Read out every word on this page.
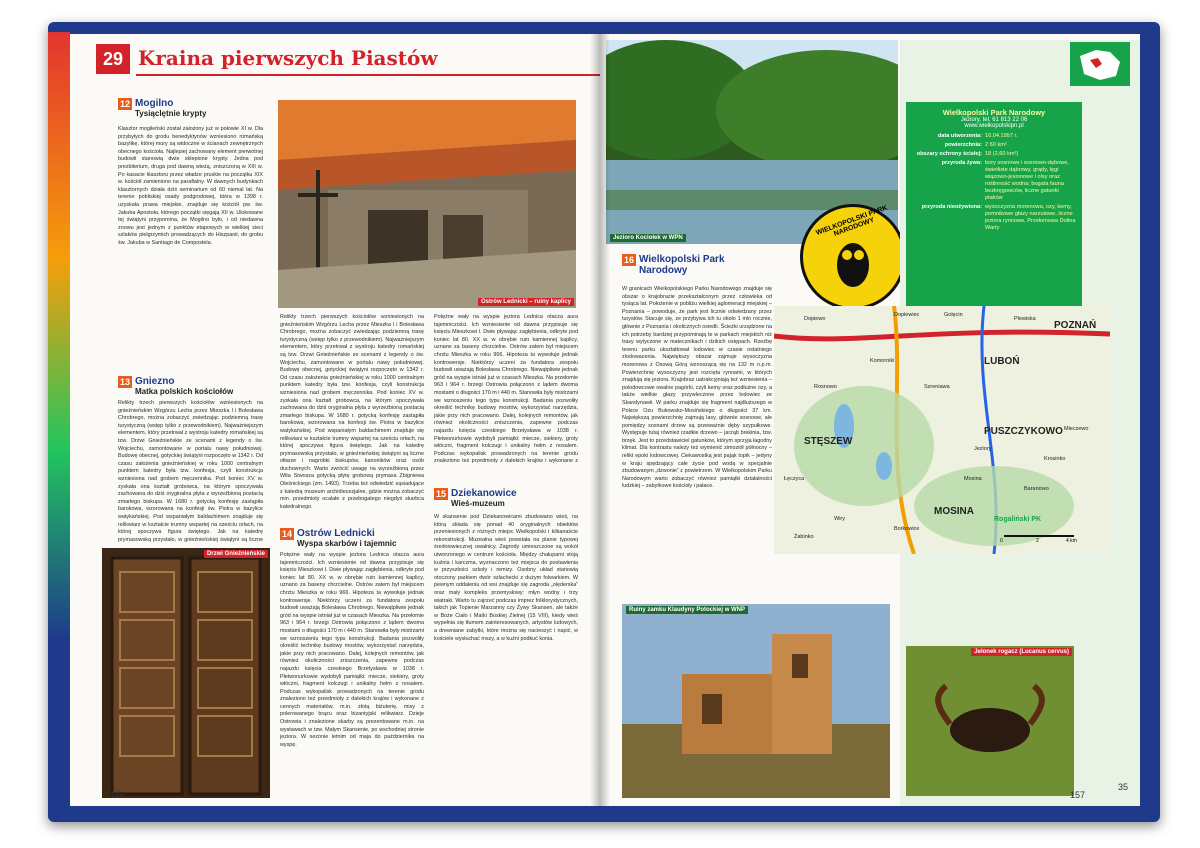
29 Kraina pierwszych Piastów
12 Mogilno
Tysiąclętnie krypty

Klasztor mogileński został założony już w połowie XI w. Dla przybyłych do grodu benedyktynów wzniesiono romańską bazylikę, której mury są widoczne w ścianach zewnętrznych obecnego kościoła. Najlepiej zachowany element pierwotnej budowli stanowią dwie sklepione krypty. Jedna pod prezbiterium, druga pod dawną wieżą, zniszczoną w XIII w. Po kasacie klasztoru przez władze pruskie na początku XIX w. kościół zamieniono na parafialny. W dawnych budynkach klasztornych działa dziś seminarium od 60 niemal lat. Na terenie pobliskiej osady podgrodowej, która w 1398 r. uzyskała prawa miejskie, znajduje się kościół pw. św. Jakuba Apostoła, którego początki sięgają XII w. Ulokowane tej świątyni przypomina, że Mogilno było, i od niedawna znowu jest jednym z punktów etapowych w wielkiej sieci szlaków pielgrzymich prowadzących do Hiszpanii, do grobu św. Jakuba w Santiago de Compostela.

13 Gniezno
Matka polskich kościołów

Relikty trzech pierwszych kościołów wzniesionych na gnieźnieńskim Wzgórzu Lecha przez Mieszka I i Bolesława Chrobrego, można zobaczyć zwiedzając podziemną trasę turystyczną (wstęp tylko z przewodnikiem). Najważniejszym elementem, który przetrwał z wystroju katedry romańskiej są tzw. Drzwi Gnieźnieńskie ze scenami z legendy o św. Wojciechu, zamontowane w portalu nawy południowej. Budowę obecnej, gotyckiej świątyni rozpoczęto w 1342 r. Od czasu założenia gnieźnieńskiej w roku 1000 centralnym punktem katedry była tzw. konfesja, czyli konstrukcja wzniesiona nad grobem męczennika. Pod koniec XV w. zyskała ona kształt grobowca, na którym spoczywała zachowana do dziś oryginalna płyta z wyrzeźbioną postacią zmarłego biskupa. W 1680 r. gotycką konfesję zastąpiła barokowa, wzorowana na konfesji św. Piotra w bazylice watykańskiej. Pod wspaniałym baldachimem znajduje się relikwiarz w kształcie trumny wspartej na sześciu orłach, na której spoczywa figura świętego. Jak na katedrę prymasowską przystało, w gnieźnieńskiej świątyni są liczne

Ostrów Lednicki – ruiny kaplicy

Relikty trzech pierwszych kościołów wzniesionych na gnieźnieńskim Wzgórzu Lecha przez Mieszka I i Bolesława Chrobrego, można zobaczyć zwiedzając podziemną trasę turystyczną (wstęp tylko z przewodnikiem). Najważniejszym elementem, który przetrwał z wystroju katedry romańskiej są tzw. Drzwi Gnieźnieńskie ze scenami z legendy o św. Wojciechu, zamontowane w portalu nawy południowej. Budowę obecnej, gotyckiej świątyni rozpoczęto w 1342 r. Od czasu założenia gnieźnieńskiej w roku 1000 centralnym punktem katedry była tzw. konfesja, czyli konstrukcja wzniesiona nad grobem męczennika. Pod koniec XV w. zyskała ona kształt grobowca, na którym spoczywała zachowana do dziś oryginalna płyta z wyrzeźbioną postacią zmarłego biskupa. W 1680 r. gotycką konfesję zastąpiła barokowa, wzorowana na konfesji św. Piotra w bazylice watykańskiej. Pod wspaniałym baldachimem znajduje się relikwiarz w kształcie trumny wspartej na sześciu orłach, na której spoczywa figura świętego. Jak na katedrę prymasowską przystało, w gnieźnieńskiej świątyni są liczne ołtarze i nagrobki biskupów, kanoników oraz osób duchownych. Warto zwrócić uwagę na wyrzeźbioną przez Wita Stwosza gotycką płytę grobową prymasa Zbigniewa Oleśnickiego (zm. 1493). Trzeba też odwiedzić sąsiadujące z katedrą muzeum archidiecezjalne, gdzie można zobaczyć min. przedmioty ocalałe z przebogatego niegdyś skarbca katedralnego.

14 Ostrów Lednicki
Wyspa skarbów i tajemnic

Potężne wały na wyspie jeziora Lednica otacza aura tajemniczości. Ich wzniesienie od dawna przypisuje się księciu Mieszkowi I. Dwie pływając zagłębienia, odkryte pod koniec lat 80. XX w. w obrębie ruin kamiennej kaplicy, uznano za baseny chrzcielne. Ostrów zatem był miejscem chrztu Mieszka w roku 966. Hipoteza ta wywołuje jednak kontrowersje. Niektórzy uczeni za fundatora zespołu budowli uważają Bolesława Chrobrego. Niewątpliwie jednak gród na wyspie istniał już w czasach Mieszka. Na przełomie 963 i 964 r. brzegi Ostrowia połączono z lądem dwoma mostami o długości 170 m i 440 m. Stanowiła były mistrzami we wznoszeniu tego typu konstrukcji. Badania pozwoliły określić technikę budowy mostów, wykorzystać narzędzia, jakie przy nich pracowano. Dalej, kolejnych remontów, jak również okoliczności zniszczenia, zapewne podczas najazdu księcia czeskiego Brzetysława w 1038 r. Płetwonurkowie wydobyli pamiątki: miecze, siekiery, groty włóczni, fragment kolczugi i unikalny hełm z nosalem. Podczas wykopalisk prowadzonych na terenie grodu znaleziono też przedmioty z dalekich krajów i wykonane z cennych materiałów, m.in. złotą biżuterię, misy z polerowanego brązu oraz bizantyjski relikwiarz. Dzieje Ostrowia i znalezione skarby są prezentowane m.in. na wystawach w tzw. Małym Skansenie, po wschodniej stronie jeziora. W sezonie letnim od maja do października na wyspę.

Potężne wały na wyspie jeziora Lednica otacza aura tajemniczości. Ich wzniesienie od dawna przypisuje się księciu Mieszkowi I. Dwie pływając zagłębienia, odkryte pod koniec lat 80. XX w. w obrębie ruin kamiennej kaplicy, uznano za baseny chrzcielne. Ostrów zatem był miejscem chrztu Mieszka w roku 966. Hipoteza ta wywołuje jednak kontrowersje. Niektórzy uczeni za fundatora zespołu budowli uważają Bolesława Chrobrego. Niewątpliwie jednak gród na wyspie istniał już w czasach Mieszka. Na przełomie 963 i 964 r. brzegi Ostrowia połączono z lądem dwoma mostami o długości 170 m i 440 m. Stanowiła były mistrzami we wznoszeniu tego typu konstrukcji. Badania pozwoliły określić technikę budowy mostów, wykorzystać narzędzia, jakie przy nich pracowano. Dalej, kolejnych remontów, jak również okoliczności zniszczenia, zapewne podczas najazdu księcia czeskiego Brzetysława w 1038 r. Płetwonurkowie wydobyli pamiątki: miecze, siekiery, groty włóczni, fragment kolczugi i unikalny hełm z nosalem. Podczas wykopalisk prowadzonych na terenie grodu znaleziono też przedmioty z dalekich krajów i wykonane z

15 Dziekanowice
Wieś-muzeum

W skansenie pod Dziekanowicami zbudowano wieś, na którą składa się ponad 40 oryginalnych obiektów przeniesionych z różnych miejsc Wielkopolski i kilkanaście rekonstrukcji. Muzealna wieś powstała na planie typowej średniowiecznej owalnicy. Zagrody umieszczone są wokół utworzonego w centrum kościoła. Między chałupami stoją kuźnia i karczma, wyznaczono też miejsca do postawienia w przyszłości szkoły i remizy. Osobny układ stanowią otoczony parkiem dwór szlachecki z dużym folwarkiem. W pewnym oddaleniu od wsi znajduje się zagroda „olęderska” oraz mały kompleks przemysłowy: młyn wodny i trzy wiatraki. Warto tu zajrzeć podczas imprez folklorystycznych, takich jak Topienie Marzanny czy Żywy Skansen, ale także w Boże Ciało i Matki Boskiej Zielnej (15 VIII), kiedy wieś wypełnia się tłumem zainteresowanych, artystów ludowych, a drewniane zabytki, które można się nacieszyć i napić, w kościele wysłuchać mszy, a w kuźni podkuć konia.

Drzwi Gnieźnieńskie
156
Jezioro Kociołek w WPN
WIELKOPOLSKI PARK NARODOWY
Wielkopolski Park Narodowy
Jeziory, tel. 61 813 22 06
www.wielkopolskipn.pl
data utworzenia: 16.04.1957 r.
powierzchnia: 2 60 km²
obszary ochrony ścisłej: 18 (2,60 km²)
przyroda żywa: bory sosnowe i sosnowo-dębowe, świetliste dąbrowy, grądy, łęgi wiązowo-jesionowe i olsy oraz roślinność wodna; bogata fauna bezkręgowców, liczne gatunki ptaków
przyroda nieożywiona: wysoczyzna morenowa, ozy, kemy, pomnikowe głazy narzutowe, liczne jeziora rynnowe, Przełomowa Dolina Warty
16 Wielkopolski Park Narodowy

W granicach Wielkopolskiego Parku Narodowego znajduje się obszar o krajobrazie przekształconym przez człowieka od tysiąca lat. Położenie w pobliżu wielkiej aglomeracji miejskiej – Poznania – powoduje, że park jest licznie odwiedzany przez turystów. Stacuje się, ze przybywa ich tu około 1 mln rocznie, głównie z Poznania i okolicznych osiedli. Ścieżki urządzone na ich potrzeby bardziej przypominają te w parkach miejskich niż trasy wytyczone w matecznikach i dzikich ostępach. Rzeźbę terenu parku ukształtował lodowiec w czasie ostatniego zlodowacenia. Największy obszar zajmuje wysoczyzna morenowa z Osową Górą wznoszącą się na 132 m n.p.m. Powierzchnię wysoczyzny jest rozcięta rynnami, w których znajdują się jeziora. Krajobraz uatrakcyjniają też wzniesienia – polodowcowe owalne pagórki, czyli kemy oraz podłużne ozy, a także wielkie głazy przywleczone przez lodowiec ze Skandynawii. W parku znajduje się fragment najdłuższego w Polsce Ozu Bukowsko-Mosińskiego o długości 37 km. Największą powierzchnię zajmują lasy, głównie sosnowe, ale pomiędzy sosnami drzew są przeważnie dęby szypułkowe. Występuje tutaj również rzadkie drzewo – jarząb brekinia, tzw. brzęk. Jest to przedstawiciel gatunków, którym sprzyja łagodny klimat. Dla kontrastu należy też wymienić zimoziół północny – relikt epoki lodowcowej. Ciekawostką jest pająk topik – jedyny w kraju spędzający całe życie pod wodą w specjalnie zbudowanym „dzwonie” z powietrzem. W Wielkopolskim Parku Narodowym warto zobaczyć również pamiątki działalności ludzkiej – zabytkowe kościoły i pałace.

Dopiewo
Dopiewiec	Golęcin
Plewiska
POZNAŃ
Komorniki	LUBOŃ
Rosnowo	Szreniawa
STĘSZEW
PUSZCZYKOWO
Jeziory
Mosina
MOSINA
Rogaliński PK
Mieczewo
Krosinko
Baranowo
Łęczyca
Wiry
Borkowice
Żabinko
0	2	4 km
Ruiny zamku Klaudyny Potockiej w WNP
Jelonek rogacz (Lucanus cervus)
157
35
